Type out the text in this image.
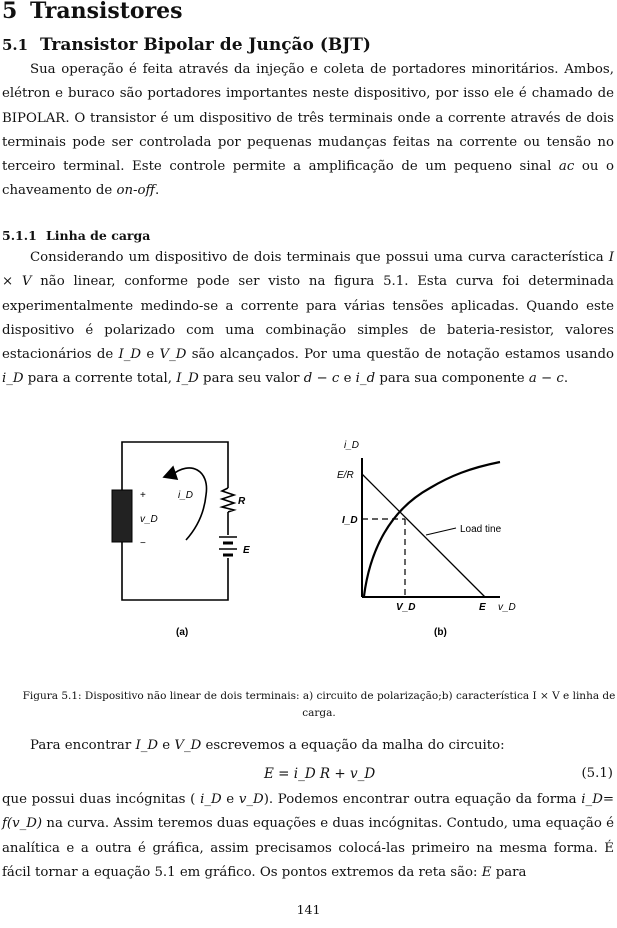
5 Transistores
5.1 Transistor Bipolar de Junção (BJT)

Sua operação é feita através da injeção e coleta de portadores minoritários. Ambos, elétron e buraco são portadores importantes neste dispositivo, por isso ele é chamado de BIPOLAR. O transistor é um dispositivo de três terminais onde a corrente através de dois terminais pode ser controlada por pequenas mudanças feitas na corrente ou tensão no terceiro terminal. Este controle permite a amplificação de um pequeno sinal ac ou o chaveamento de on-off.

5.1.1 Linha de carga

Considerando um dispositivo de dois terminais que possui uma curva característica I × V não linear, conforme pode ser visto na figura 5.1. Esta curva foi determinada experimentalmente medindo-se a corrente para várias tensões aplicadas. Quando este dispositivo é polarizado com uma combinação simples de bateria-resistor, valores estacionários de I_D e V_D são alcançados. Por uma questão de notação estamos usando i_D para a corrente total, I_D para seu valor d − c e i_d para sua componente a − c.

+
v_D
−
i_D
R
E
(a)
i_D
E/R
I_D
Load tine
V_D	E v_D
(b)
Figura 5.1: Dispositivo não linear de dois terminais: a) circuito de polarização;b) característica I × V e linha de carga.

Para encontrar I_D e V_D escrevemos a equação da malha do circuito:

E = i_D R + v_D	(5.1)

que possui duas incógnitas ( i_D e v_D). Podemos encontrar outra equação da forma i_D= f(v_D) na curva. Assim teremos duas equações e duas incógnitas. Contudo, uma equação é analítica e a outra é gráfica, assim precisamos colocá-las primeiro na mesma forma. É fácil tornar a equação 5.1 em gráfico. Os pontos extremos da reta são: E para

141
